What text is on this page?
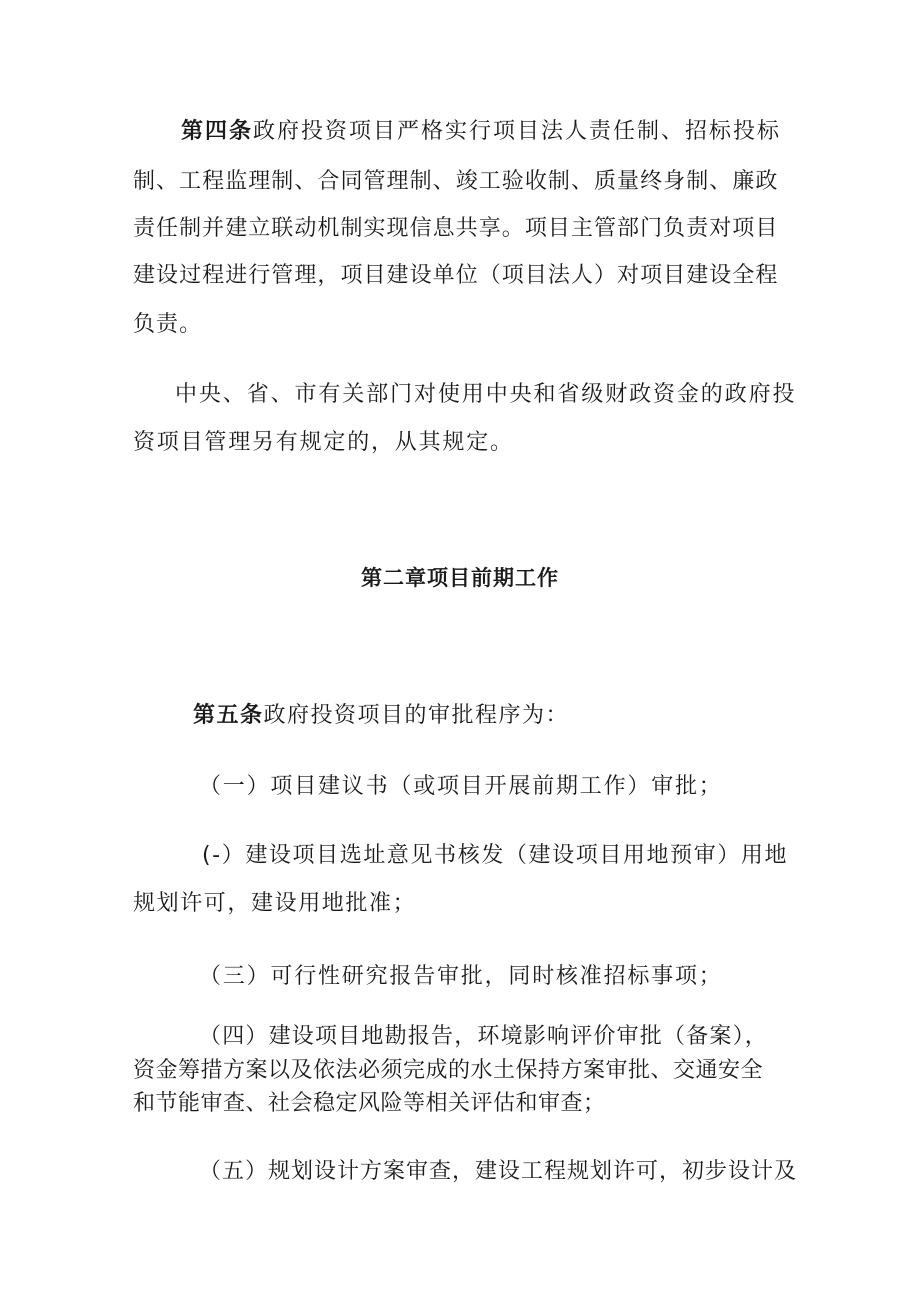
第四条政府投资项目严格实行项目法人责任制、招标投标
制、工程监理制、合同管理制、竣工验收制、质量终身制、廉政
责任制并建立联动机制实现信息共享。项目主管部门负责对项目
建设过程进行管理，项目建设单位（项目法人）对项目建设全程
负责。
中央、省、市有关部门对使用中央和省级财政资金的政府投
资项目管理另有规定的，从其规定。
第二章项目前期工作
第五条政府投资项目的审批程序为：
（一）项目建议书（或项目开展前期工作）审批；
(-）建设项目选址意见书核发（建设项目用地预审）用地
规划许可，建设用地批准；
（三）可行性研究报告审批，同时核准招标事项；
（四）建设项目地勘报告，环境影响评价审批（备案），
资金筹措方案以及依法必须完成的水土保持方案审批、交通安全
和节能审查、社会稳定风险等相关评估和审查；
（五）规划设计方案审查，建设工程规划许可，初步设计及
